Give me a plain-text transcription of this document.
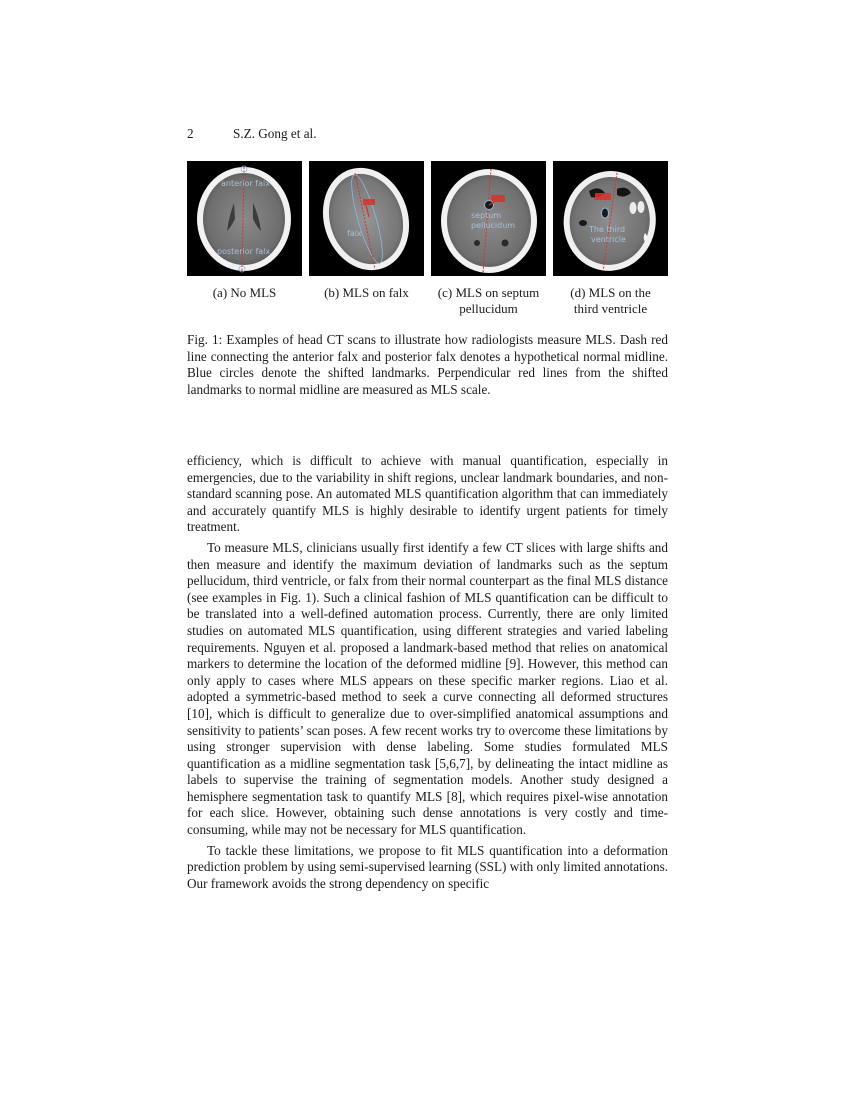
2	S.Z. Gong et al.
anterior falx
posterior falx
(a) No MLS
falx
(b) MLS on falx
septum
pellucidum
(c) MLS on septum
pellucidum
The third
ventricle
(d) MLS on the
third ventricle
Fig. 1: Examples of head CT scans to illustrate how radiologists measure MLS. Dash red line connecting the anterior falx and posterior falx denotes a hypothetical normal midline. Blue circles denote the shifted landmarks. Perpendicular red lines from the shifted landmarks to normal midline are measured as MLS scale.

efficiency, which is difficult to achieve with manual quantification, especially in emergencies, due to the variability in shift regions, unclear landmark boundaries, and non-standard scanning pose. An automated MLS quantification algorithm that can immediately and accurately quantify MLS is highly desirable to identify urgent patients for timely treatment.

To measure MLS, clinicians usually first identify a few CT slices with large shifts and then measure and identify the maximum deviation of landmarks such as the septum pellucidum, third ventricle, or falx from their normal counterpart as the final MLS distance (see examples in Fig. 1). Such a clinical fashion of MLS quantification can be difficult to be translated into a well-defined automation process. Currently, there are only limited studies on automated MLS quantification, using different strategies and varied labeling requirements. Nguyen et al. proposed a landmark-based method that relies on anatomical markers to determine the location of the deformed midline [9]. However, this method can only apply to cases where MLS appears on these specific marker regions. Liao et al. adopted a symmetric-based method to seek a curve connecting all deformed structures [10], which is difficult to generalize due to over-simplified anatomical assumptions and sensitivity to patients’ scan poses. A few recent works try to overcome these limitations by using stronger supervision with dense labeling. Some studies formulated MLS quantification as a midline segmentation task [5,6,7], by delineating the intact midline as labels to supervise the training of segmentation models. Another study designed a hemisphere segmentation task to quantify MLS [8], which requires pixel-wise annotation for each slice. However, obtaining such dense annotations is very costly and time-consuming, while may not be necessary for MLS quantification.

To tackle these limitations, we propose to fit MLS quantification into a deformation prediction problem by using semi-supervised learning (SSL) with only limited annotations. Our framework avoids the strong dependency on specific
